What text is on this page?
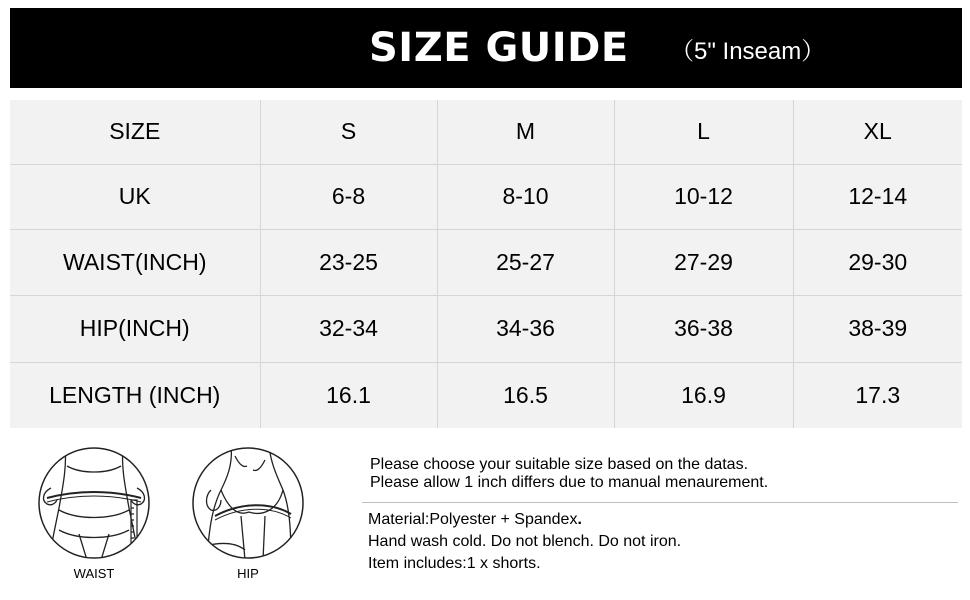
SIZE GUIDE （5" Inseam）
SIZE	S	M	L	XL
UK	6-8	8-10	10-12	12-14
WAIST(INCH)	23-25	25-27	27-29	29-30
HIP(INCH)	32-34	34-36	36-38	38-39
LENGTH (INCH)	16.1	16.5	16.9	17.3
WAIST	HIP
Please choose your suitable size based on the datas.
Please allow 1 inch differs due to manual menaurement.
Material:Polyester + Spandex.
Hand wash cold. Do not blench. Do not iron.
Item includes:1 x shorts.
